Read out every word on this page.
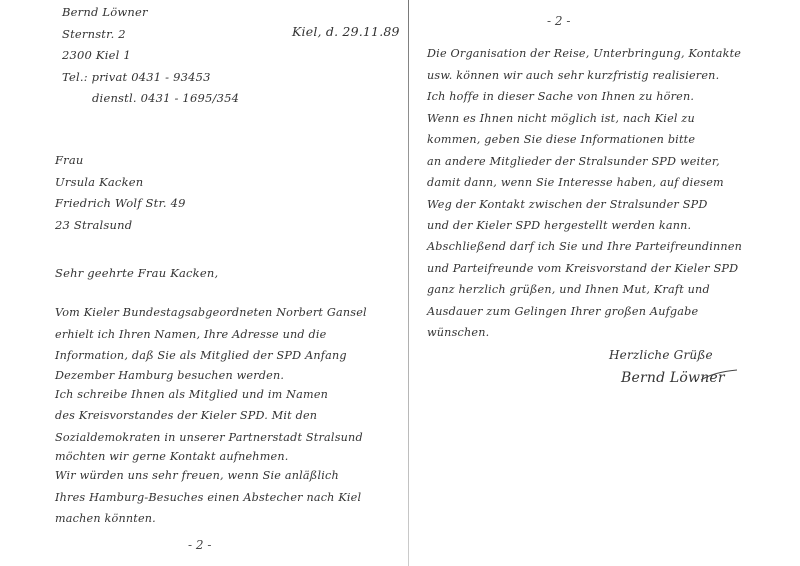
Bernd Löwner
Sternstr. 2
2300 Kiel 1
Tel.: privat 0431 - 93453
dienstl. 0431 - 1695/354
Kiel, d. 29.11.89
Frau
Ursula Kacken
Friedrich Wolf Str. 49
23 Stralsund
Sehr geehrte Frau Kacken,
Vom Kieler Bundestagsabgeordneten Norbert Gansel
erhielt ich Ihren Namen, Ihre Adresse und die
Information, daß Sie als Mitglied der SPD Anfang
Dezember Hamburg besuchen werden.
Ich schreibe Ihnen als Mitglied und im Namen
des Kreisvorstandes der Kieler SPD. Mit den
Sozialdemokraten in unserer Partnerstadt Stralsund
möchten wir gerne Kontakt aufnehmen.
Wir würden uns sehr freuen, wenn Sie anläßlich
Ihres Hamburg-Besuches einen Abstecher nach Kiel
machen könnten.
- 2 -
- 2 -
Die Organisation der Reise, Unterbringung, Kontakte
usw. können wir auch sehr kurzfristig realisieren.
Ich hoffe in dieser Sache von Ihnen zu hören.
Wenn es Ihnen nicht möglich ist, nach Kiel zu
kommen, geben Sie diese Informationen bitte
an andere Mitglieder der Stralsunder SPD weiter,
damit dann, wenn Sie Interesse haben, auf diesem
Weg der Kontakt zwischen der Stralsunder SPD
und der Kieler SPD hergestellt werden kann.
Abschließend darf ich Sie und Ihre Parteifreundinnen
und Parteifreunde vom Kreisvorstand der Kieler SPD
ganz herzlich grüßen, und Ihnen Mut, Kraft und
Ausdauer zum Gelingen Ihrer großen Aufgabe
wünschen.
Herzliche Grüße
Bernd Löwner
